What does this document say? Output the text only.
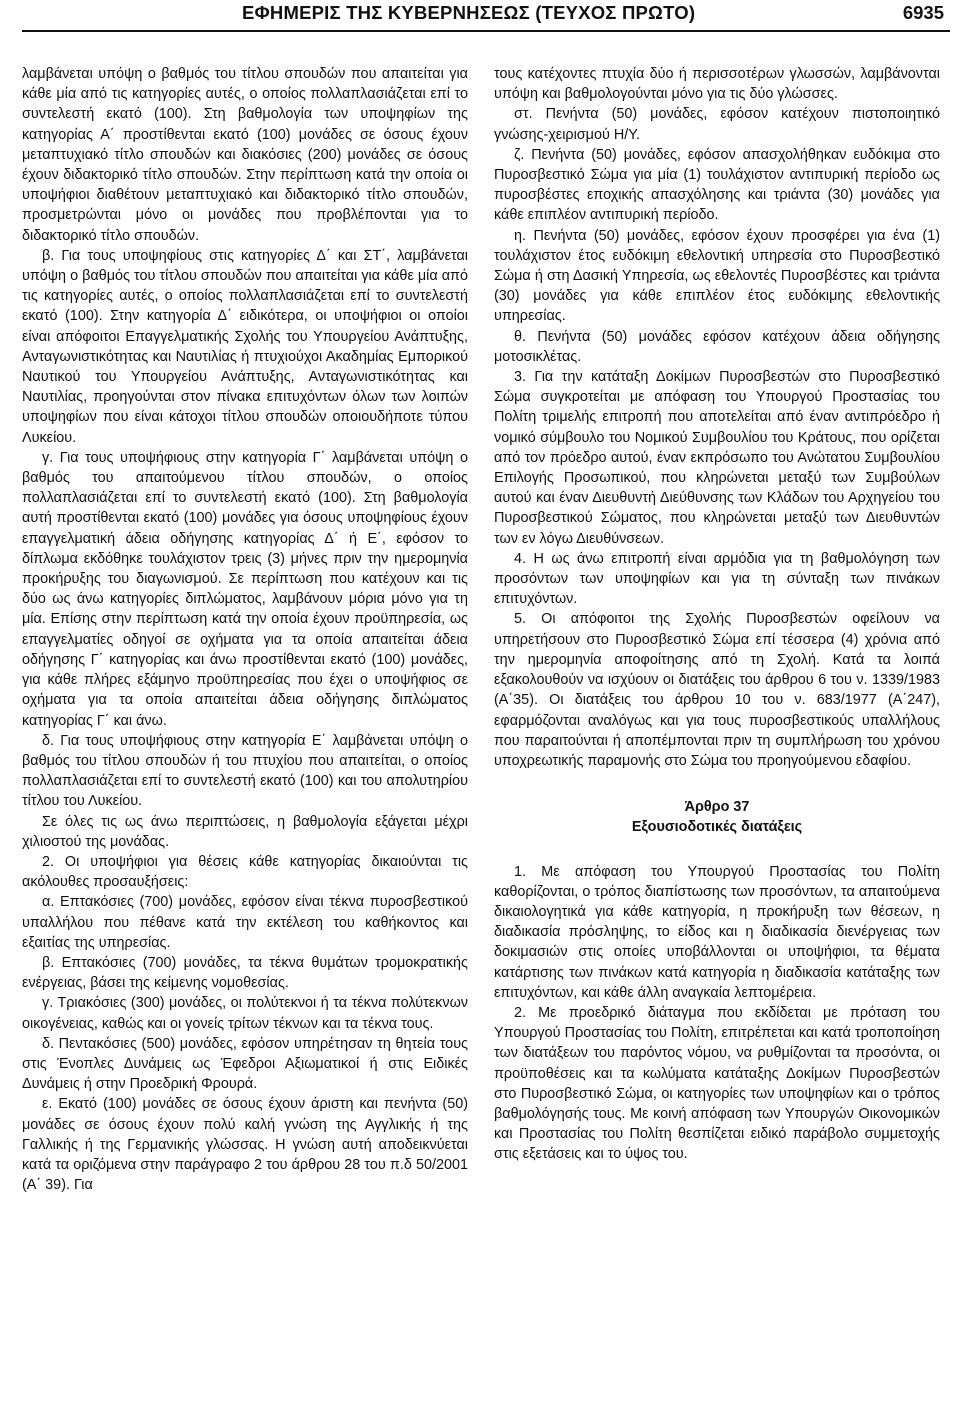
ΕΦΗΜΕΡΙΣ ΤΗΣ ΚΥΒΕΡΝΗΣΕΩΣ (ΤΕΥΧΟΣ ΠΡΩΤΟ)	6935

λαμβάνεται υπόψη ο βαθμός του τίτλου σπουδών που απαιτείται για κάθε μία από τις κατηγορίες αυτές, ο οποίος πολλαπλασιάζεται επί το συντελεστή εκατό (100). Στη βαθμολογία των υποψηφίων της κατηγορίας Α΄ προστίθενται εκατό (100) μονάδες σε όσους έχουν μεταπτυχιακό τίτλο σπουδών και διακόσιες (200) μονάδες σε όσους έχουν διδακτορικό τίτλο σπουδών. Στην περίπτωση κατά την οποία οι υποψήφιοι διαθέτουν μεταπτυχιακό και διδακτορικό τίτλο σπουδών, προσμετρώνται μόνο οι μονάδες που προβλέπονται για το διδακτορικό τίτλο σπουδών.

β. Για τους υποψηφίους στις κατηγορίες Δ΄ και ΣΤ΄, λαμβάνεται υπόψη ο βαθμός του τίτλου σπουδών που απαιτείται για κάθε μία από τις κατηγορίες αυτές, ο οποίος πολλαπλασιάζεται επί το συντελεστή εκατό (100). Στην κατηγορία Δ΄ ειδικότερα, οι υποψήφιοι οι οποίοι είναι απόφοιτοι Επαγγελματικής Σχολής του Υπουργείου Ανάπτυξης, Ανταγωνιστικότητας και Ναυτιλίας ή πτυχιούχοι Ακαδημίας Εμπορικού Ναυτικού του Υπουργείου Ανάπτυξης, Ανταγωνιστικότητας και Ναυτιλίας, προηγούνται στον πίνακα επιτυχόντων όλων των λοιπών υποψηφίων που είναι κάτοχοι τίτλου σπουδών οποιουδήποτε τύπου Λυκείου.

γ. Για τους υποψήφιους στην κατηγορία Γ΄ λαμβάνεται υπόψη ο βαθμός του απαιτούμενου τίτλου σπουδών, ο οποίος πολλαπλασιάζεται επί το συντελεστή εκατό (100). Στη βαθμολογία αυτή προστίθενται εκατό (100) μονάδες για όσους υποψηφίους έχουν επαγγελματική άδεια οδήγησης κατηγορίας Δ΄ ή Ε΄, εφόσον το δίπλωμα εκδόθηκε τουλάχιστον τρεις (3) μήνες πριν την ημερομηνία προκήρυξης του διαγωνισμού. Σε περίπτωση που κατέχουν και τις δύο ως άνω κατηγορίες διπλώματος, λαμβάνουν μόρια μόνο για τη μία. Επίσης στην περίπτωση κατά την οποία έχουν προϋπηρεσία, ως επαγγελματίες οδηγοί σε οχήματα για τα οποία απαιτείται άδεια οδήγησης Γ΄ κατηγορίας και άνω προστίθενται εκατό (100) μονάδες, για κάθε πλήρες εξάμηνο προϋπηρεσίας που έχει ο υποψήφιος σε οχήματα για τα οποία απαιτείται άδεια οδήγησης διπλώματος κατηγορίας Γ΄ και άνω.

δ. Για τους υποψήφιους στην κατηγορία Ε΄ λαμβάνεται υπόψη ο βαθμός του τίτλου σπουδών ή του πτυχίου που απαιτείται, ο οποίος πολλαπλασιάζεται επί το συντελεστή εκατό (100) και του απολυτηρίου τίτλου του Λυκείου.

Σε όλες τις ως άνω περιπτώσεις, η βαθμολογία εξάγεται μέχρι χιλιοστού της μονάδας.

2. Οι υποψήφιοι για θέσεις κάθε κατηγορίας δικαιούνται τις ακόλουθες προσαυξήσεις:

α. Επτακόσιες (700) μονάδες, εφόσον είναι τέκνα πυροσβεστικού υπαλλήλου που πέθανε κατά την εκτέλεση του καθήκοντος και εξαιτίας της υπηρεσίας.

β. Επτακόσιες (700) μονάδες, τα τέκνα θυμάτων τρομοκρατικής ενέργειας, βάσει της κείμενης νομοθεσίας.

γ. Τριακόσιες (300) μονάδες, οι πολύτεκνοι ή τα τέκνα πολύτεκνων οικογένειας, καθώς και οι γονείς τρίτων τέκνων και τα τέκνα τους.

δ. Πεντακόσιες (500) μονάδες, εφόσον υπηρέτησαν τη θητεία τους στις Ένοπλες Δυνάμεις ως Έφεδροι Αξιωματικοί ή στις Ειδικές Δυνάμεις ή στην Προεδρική Φρουρά.

ε. Εκατό (100) μονάδες σε όσους έχουν άριστη και πενήντα (50) μονάδες σε όσους έχουν πολύ καλή γνώση της Αγγλικής ή της Γαλλικής ή της Γερμανικής γλώσσας. Η γνώση αυτή αποδεικνύεται κατά τα οριζόμενα στην παράγραφο 2 του άρθρου 28 του π.δ 50/2001 (Α΄ 39). Για

τους κατέχοντες πτυχία δύο ή περισσοτέρων γλωσσών, λαμβάνονται υπόψη και βαθμολογούνται μόνο για τις δύο γλώσσες.

στ. Πενήντα (50) μονάδες, εφόσον κατέχουν πιστοποιητικό γνώσης-χειρισμού Η/Υ.

ζ. Πενήντα (50) μονάδες, εφόσον απασχολήθηκαν ευδόκιμα στο Πυροσβεστικό Σώμα για μία (1) τουλάχιστον αντιπυρική περίοδο ως πυροσβέστες εποχικής απασχόλησης και τριάντα (30) μονάδες για κάθε επιπλέον αντιπυρική περίοδο.

η. Πενήντα (50) μονάδες, εφόσον έχουν προσφέρει για ένα (1) τουλάχιστον έτος ευδόκιμη εθελοντική υπηρεσία στο Πυροσβεστικό Σώμα ή στη Δασική Υπηρεσία, ως εθελοντές Πυροσβέστες και τριάντα (30) μονάδες για κάθε επιπλέον έτος ευδόκιμης εθελοντικής υπηρεσίας.

θ. Πενήντα (50) μονάδες εφόσον κατέχουν άδεια οδήγησης μοτοσικλέτας.

3. Για την κατάταξη Δοκίμων Πυροσβεστών στο Πυροσβεστικό Σώμα συγκροτείται με απόφαση του Υπουργού Προστασίας του Πολίτη τριμελής επιτροπή που αποτελείται από έναν αντιπρόεδρο ή νομικό σύμβουλο του Νομικού Συμβουλίου του Κράτους, που ορίζεται από τον πρόεδρο αυτού, έναν εκπρόσωπο του Ανώτατου Συμβουλίου Επιλογής Προσωπικού, που κληρώνεται μεταξύ των Συμβούλων αυτού και έναν Διευθυντή Διεύθυνσης των Κλάδων του Αρχηγείου του Πυροσβεστικού Σώματος, που κληρώνεται μεταξύ των Διευθυντών των εν λόγω Διευθύνσεων.

4. Η ως άνω επιτροπή είναι αρμόδια για τη βαθμολόγηση των προσόντων των υποψηφίων και για τη σύνταξη των πινάκων επιτυχόντων.

5. Οι απόφοιτοι της Σχολής Πυροσβεστών οφείλουν να υπηρετήσουν στο Πυροσβεστικό Σώμα επί τέσσερα (4) χρόνια από την ημερομηνία αποφοίτησης από τη Σχολή. Κατά τα λοιπά εξακολουθούν να ισχύουν οι διατάξεις του άρθρου 6 του ν. 1339/1983 (Α΄35). Οι διατάξεις του άρθρου 10 του ν. 683/1977 (Α΄247), εφαρμόζονται αναλόγως και για τους πυροσβεστικούς υπαλλήλους που παραιτούνται ή αποπέμπονται πριν τη συμπλήρωση του χρόνου υποχρεωτικής παραμονής στο Σώμα του προηγούμενου εδαφίου.

Άρθρο 37
Εξουσιοδοτικές διατάξεις

1. Με απόφαση του Υπουργού Προστασίας του Πολίτη καθορίζονται, ο τρόπος διαπίστωσης των προσόντων, τα απαιτούμενα δικαιολογητικά για κάθε κατηγορία, η προκήρυξη των θέσεων, η διαδικασία πρόσληψης, το είδος και η διαδικασία διενέργειας των δοκιμασιών στις οποίες υποβάλλονται οι υποψήφιοι, τα θέματα κατάρτισης των πινάκων κατά κατηγορία η διαδικασία κατάταξης των επιτυχόντων, και κάθε άλλη αναγκαία λεπτομέρεια.

2. Με προεδρικό διάταγμα που εκδίδεται με πρόταση του Υπουργού Προστασίας του Πολίτη, επιτρέπεται και κατά τροποποίηση των διατάξεων του παρόντος νόμου, να ρυθμίζονται τα προσόντα, οι προϋποθέσεις και τα κωλύματα κατάταξης Δοκίμων Πυροσβεστών στο Πυροσβεστικό Σώμα, οι κατηγορίες των υποψηφίων και ο τρόπος βαθμολόγησής τους. Με κοινή απόφαση των Υπουργών Οικονομικών και Προστασίας του Πολίτη θεσπίζεται ειδικό παράβολο συμμετοχής στις εξετάσεις και το ύψος του.
